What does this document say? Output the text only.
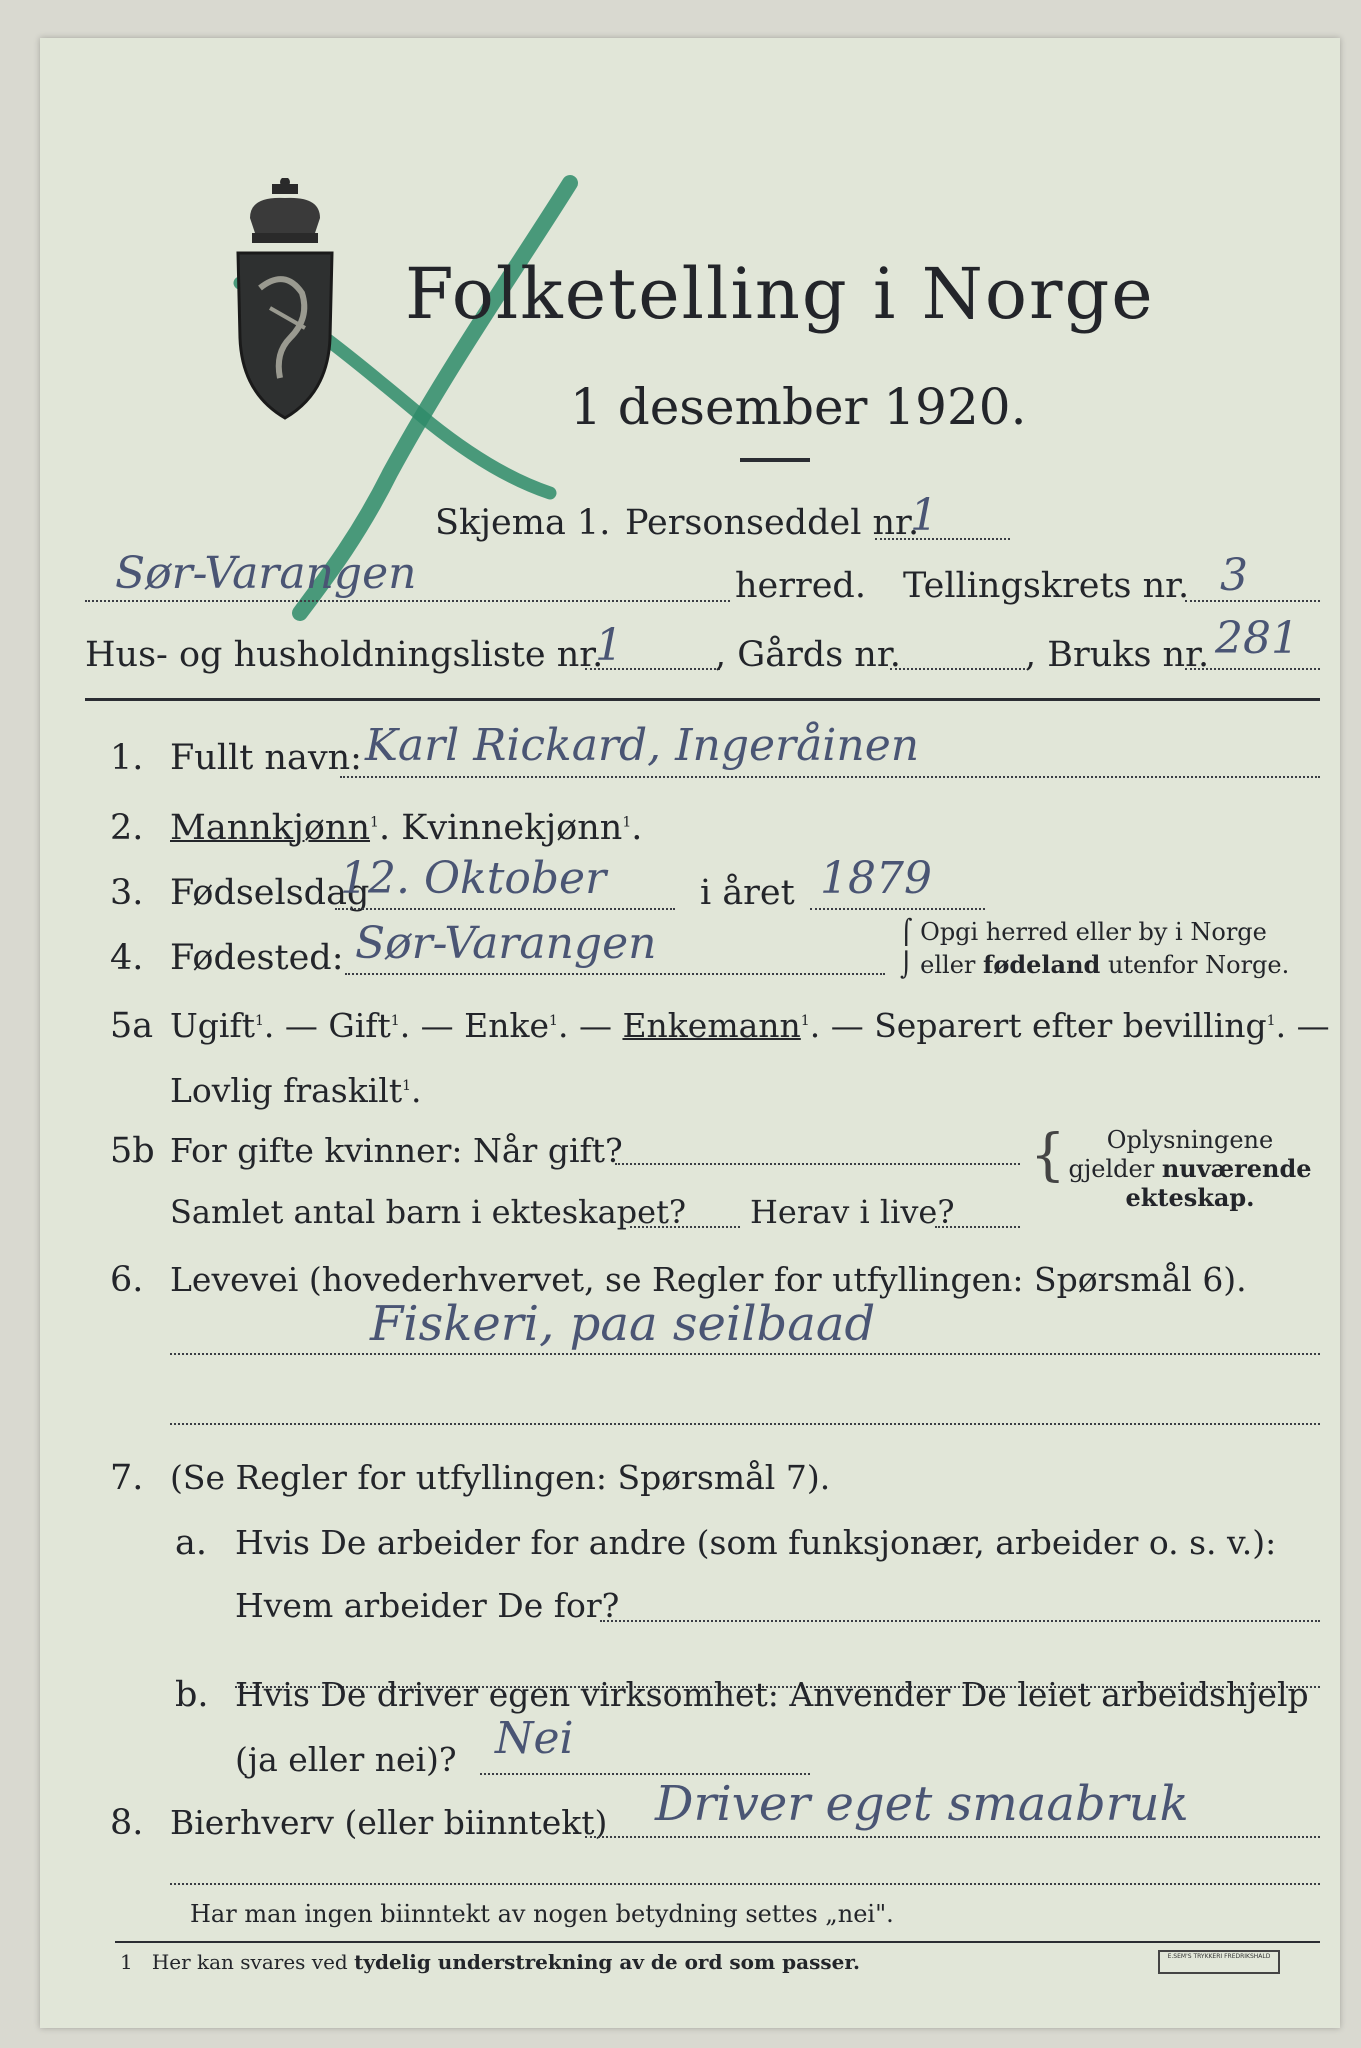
Folketelling i Norge
1 desember 1920.
Skjema 1. Personseddel nr.
1
Sør-Varangen	herred. Tellingskrets nr. 3
Hus- og husholdningsliste nr.
1	, Gårds nr.	, Bruks nr. 281
1. Fullt navn: Karl Rickard, Ingeråinen
2. Mannkjønn$^1$. Kvinnekjønn$^1$.
3. Fødselsdag
12. Oktober	i året 1879
4. Fødested: Sør-Varangen	⌠ Opgi herred eller by i Norge
⌡ eller fødeland utenfor Norge.
5a Ugift$^1$. — Gift$^1$. — Enke$^1$. — Enkemann$^1$. — Separert efter bevilling$^1$. —
Lovlig fraskilt$^1$.
5b For gifte kvinner: Når gift?
Samlet antal barn i ekteskapet? Herav i live?
{	Oplysningene
gjelder nuværende
ekteskap.
6. Levevei (hovederhvervet, se Regler for utfyllingen: Spørsmål 6).
Fiskeri, paa seilbaad
7. (Se Regler for utfyllingen: Spørsmål 7).
a. Hvis De arbeider for andre (som funksjonær, arbeider o. s. v.):
Hvem arbeider De for?
b. Hvis De driver egen virksomhet: Anvender De leiet arbeidshjelp
(ja eller nei)? Nei
8. Bierhverv (eller biinntekt) Driver eget smaabruk
Har man ingen biinntekt av nogen betydning settes „nei".
1 Her kan svares ved tydelig understrekning av de ord som passer.	E.SEM'S TRYKKERI FREDRIKSHALD
